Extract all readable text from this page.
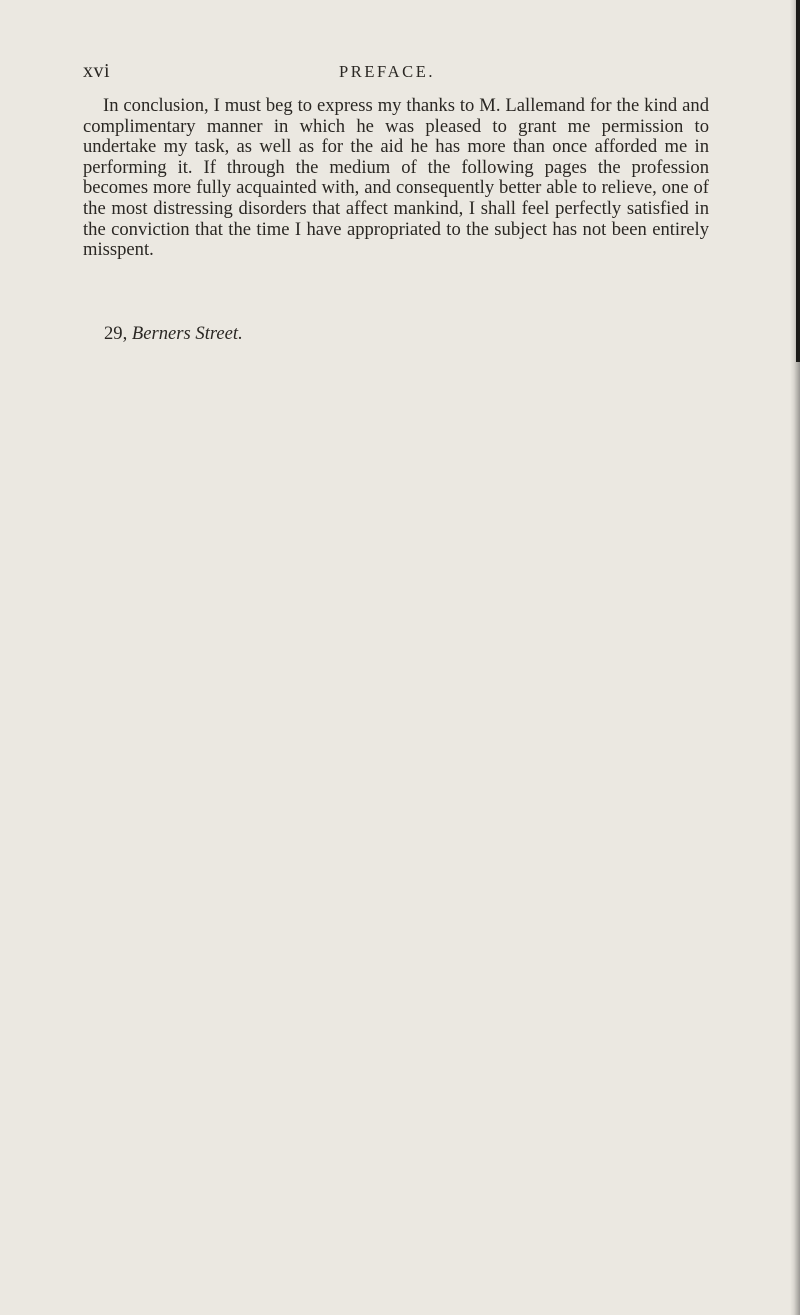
xvi	PREFACE.

In conclusion, I must beg to express my thanks to M. Lallemand for the kind and complimentary manner in which he was pleased to grant me permission to undertake my task, as well as for the aid he has more than once afforded me in performing it. If through the medium of the following pages the profession becomes more fully acquainted with, and consequently better able to relieve, one of the most distressing disorders that affect mankind, I shall feel perfectly satisfied in the conviction that the time I have appropriated to the subject has not been entirely misspent.

29, Berners Street.
